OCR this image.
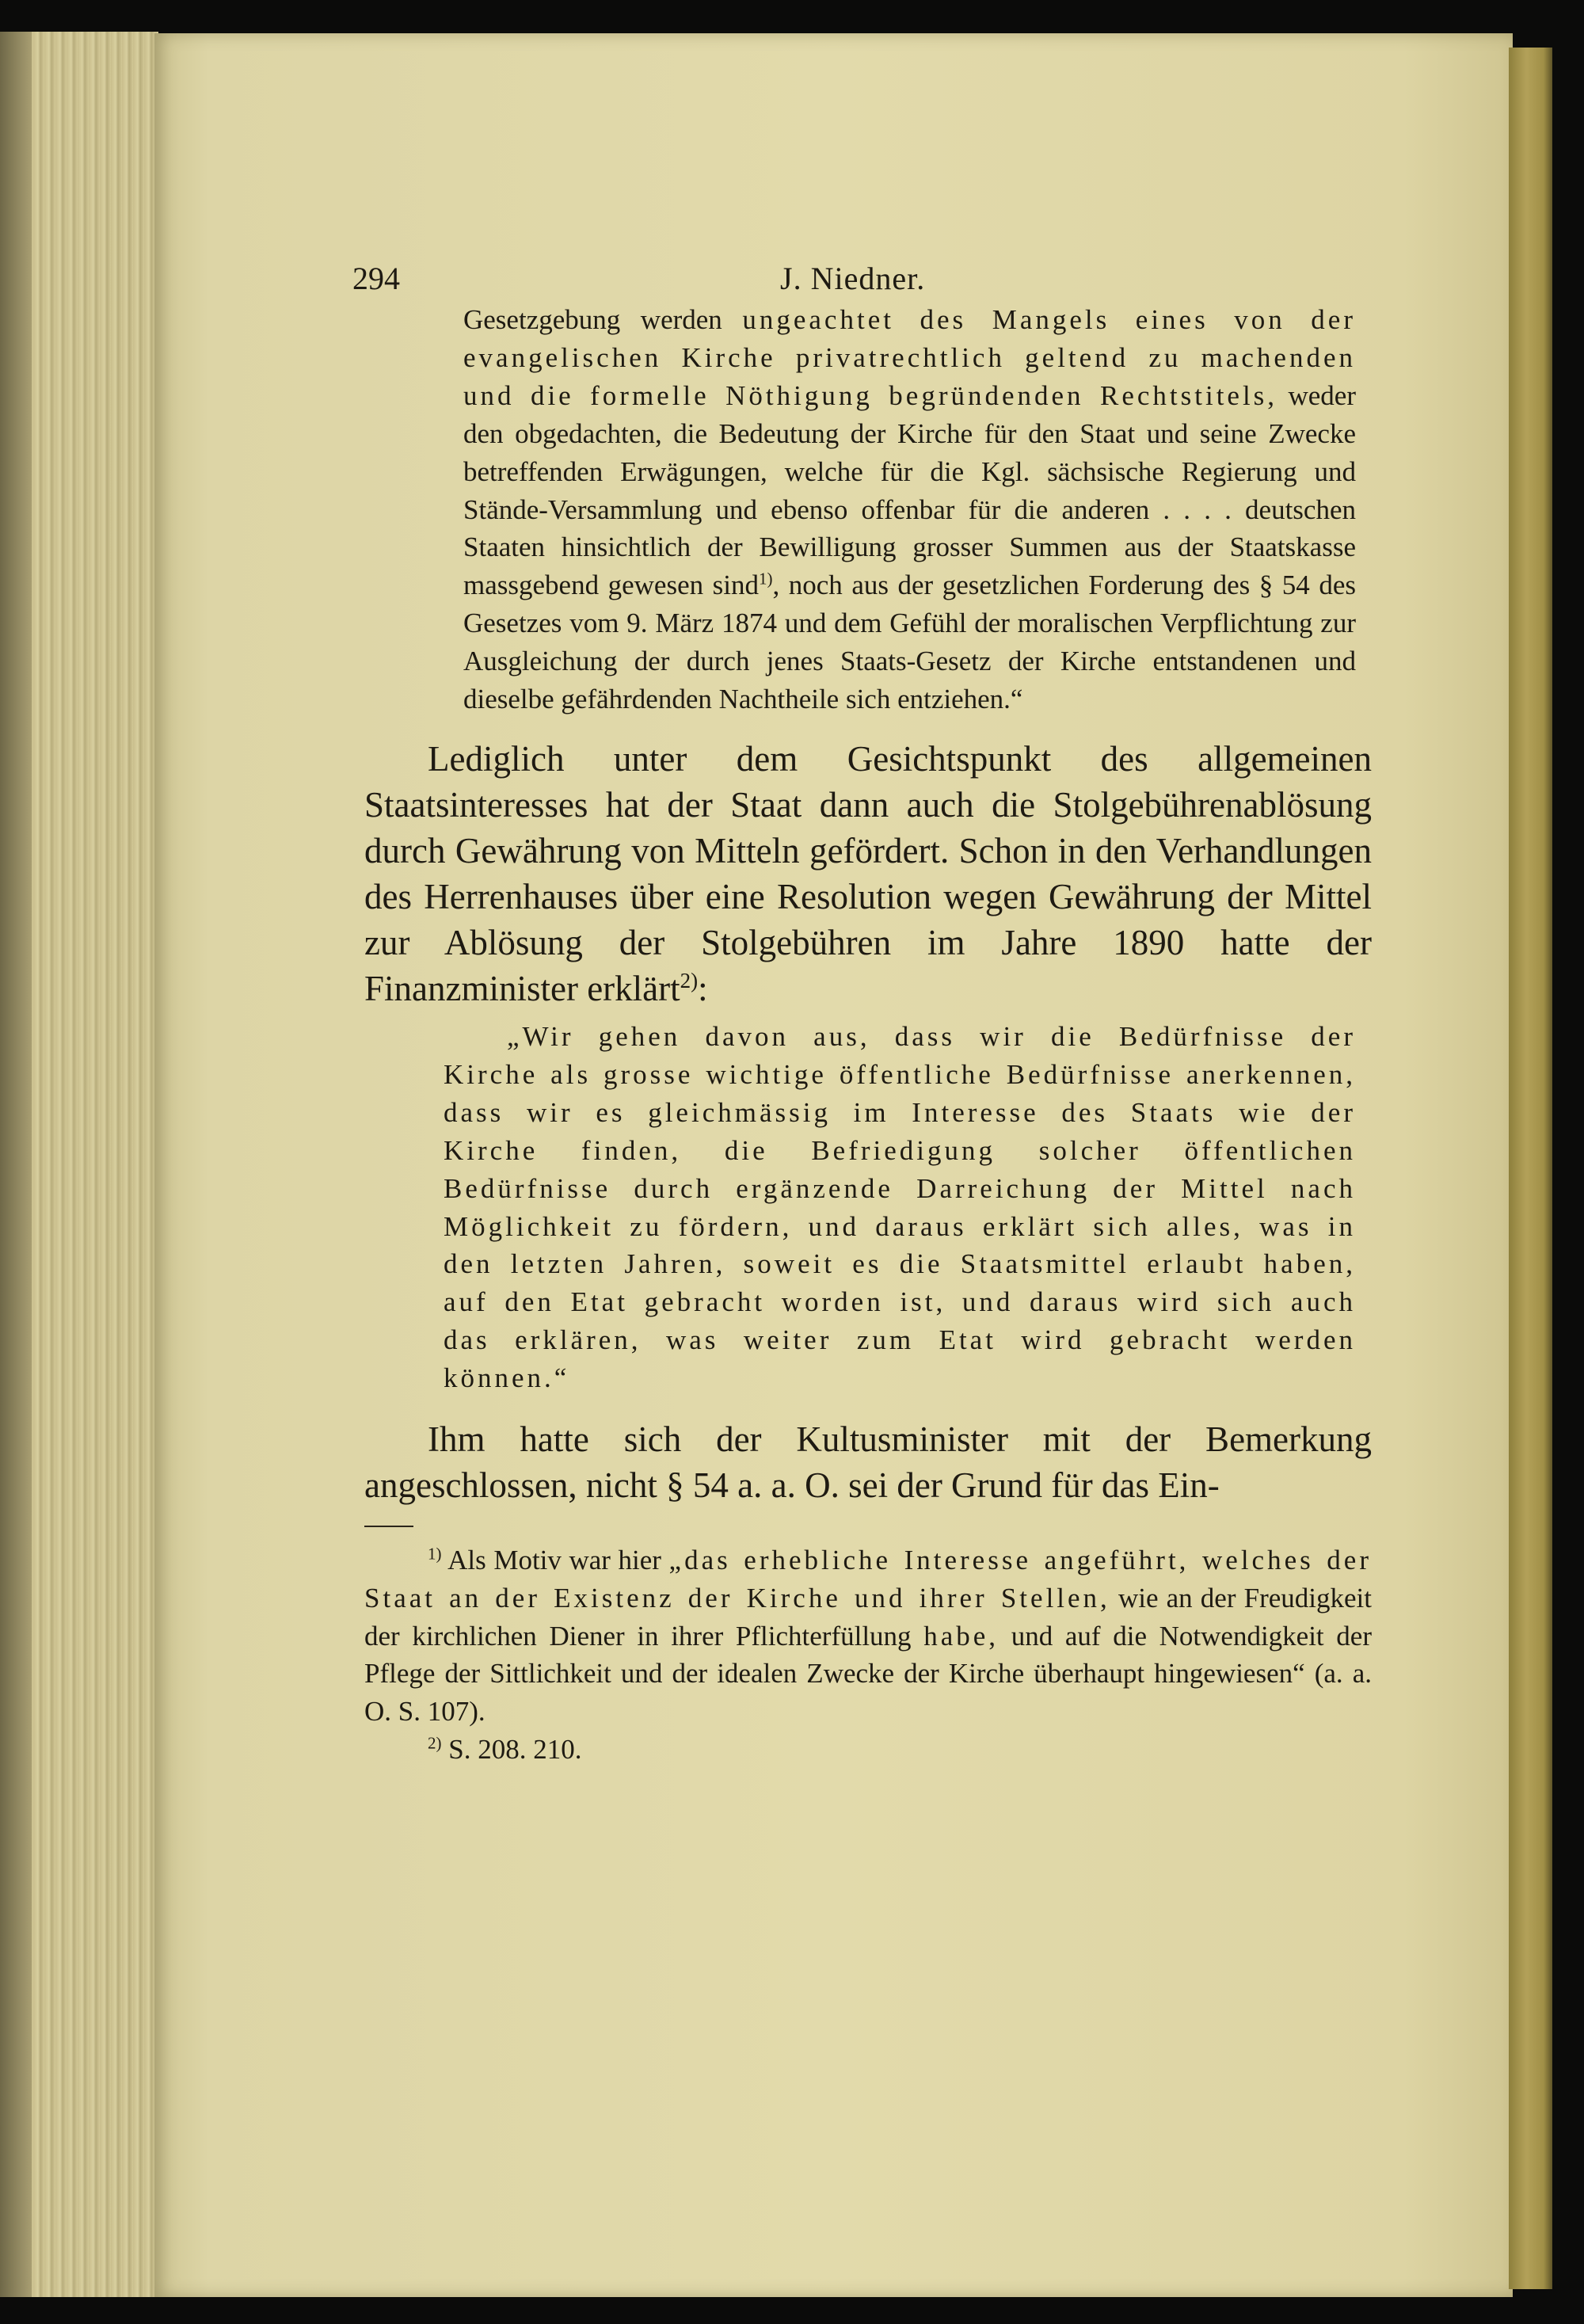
294	J. Niedner.

Gesetzgebung werden ungeachtet des Mangels eines von der evangelischen Kirche privatrechtlich geltend zu machenden und die formelle Nöthigung begründenden Rechtstitels, weder den obgedachten, die Bedeutung der Kirche für den Staat und seine Zwecke betreffenden Erwägungen, welche für die Kgl. sächsische Regierung und Stände-Versammlung und ebenso offenbar für die anderen . . . . deutschen Staaten hinsichtlich der Bewilligung grosser Summen aus der Staatskasse massgebend gewesen sind$^{1)}$, noch aus der gesetzlichen Forderung des § 54 des Gesetzes vom 9. März 1874 und dem Gefühl der moralischen Verpflichtung zur Ausgleichung der durch jenes Staats-Gesetz der Kirche entstandenen und dieselbe gefährdenden Nachtheile sich entziehen.“

Lediglich unter dem Gesichtspunkt des allgemeinen Staatsinteresses hat der Staat dann auch die Stolgebührenablösung durch Gewährung von Mitteln gefördert. Schon in den Verhandlungen des Herrenhauses über eine Resolution wegen Gewährung der Mittel zur Ablösung der Stolgebühren im Jahre 1890 hatte der Finanzminister erklärt$^{2)}$:

„Wir gehen davon aus, dass wir die Bedürfnisse der Kirche als grosse wichtige öffentliche Bedürfnisse anerkennen, dass wir es gleichmässig im Interesse des Staats wie der Kirche finden, die Befriedigung solcher öffentlichen Bedürfnisse durch ergänzende Darreichung der Mittel nach Möglichkeit zu fördern, und daraus erklärt sich alles, was in den letzten Jahren, soweit es die Staatsmittel erlaubt haben, auf den Etat gebracht worden ist, und daraus wird sich auch das erklären, was weiter zum Etat wird gebracht werden können.“

Ihm hatte sich der Kultusminister mit der Bemerkung angeschlossen, nicht § 54 a. a. O. sei der Grund für das Ein-

$^{1)}$ Als Motiv war hier „das erhebliche Interesse angeführt, welches der Staat an der Existenz der Kirche und ihrer Stellen, wie an der Freudigkeit der kirchlichen Diener in ihrer Pflichterfüllung habe, und auf die Notwendigkeit der Pflege der Sittlichkeit und der idealen Zwecke der Kirche überhaupt hingewiesen“ (a. a. O. S. 107).

$^{2)}$ S. 208. 210.
